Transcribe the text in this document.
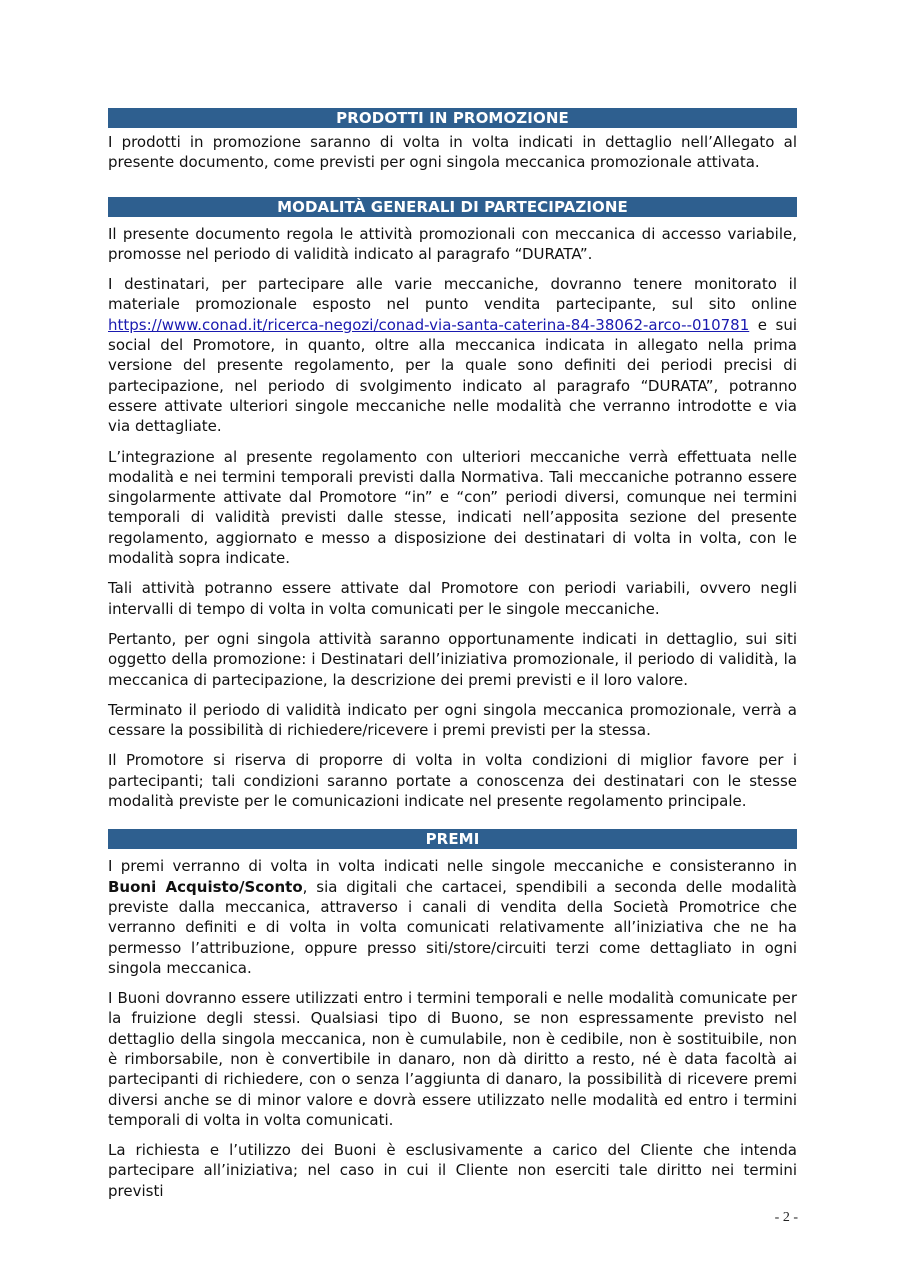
PRODOTTI IN PROMOZIONE

I prodotti in promozione saranno di volta in volta indicati in dettaglio nell’Allegato al presente documento, come previsti per ogni singola meccanica promozionale attivata.

MODALITÀ GENERALI DI PARTECIPAZIONE

Il presente documento regola le attività promozionali con meccanica di accesso variabile, promosse nel periodo di validità indicato al paragrafo “DURATA”.

I destinatari, per partecipare alle varie meccaniche, dovranno tenere monitorato il materiale promozionale esposto nel punto vendita partecipante, sul sito online https://www.conad.it/ricerca-negozi/conad-via-santa-caterina-84-38062-arco--010781 e sui social del Promotore, in quanto, oltre alla meccanica indicata in allegato nella prima versione del presente regolamento, per la quale sono definiti dei periodi precisi di partecipazione, nel periodo di svolgimento indicato al paragrafo “DURATA”, potranno essere attivate ulteriori singole meccaniche nelle modalità che verranno introdotte e via via dettagliate.

L’integrazione al presente regolamento con ulteriori meccaniche verrà effettuata nelle modalità e nei termini temporali previsti dalla Normativa. Tali meccaniche potranno essere singolarmente attivate dal Promotore “in” e “con” periodi diversi, comunque nei termini temporali di validità previsti dalle stesse, indicati nell’apposita sezione del presente regolamento, aggiornato e messo a disposizione dei destinatari di volta in volta, con le modalità sopra indicate.

Tali attività potranno essere attivate dal Promotore con periodi variabili, ovvero negli intervalli di tempo di volta in volta comunicati per le singole meccaniche.

Pertanto, per ogni singola attività saranno opportunamente indicati in dettaglio, sui siti oggetto della promozione: i Destinatari dell’iniziativa promozionale, il periodo di validità, la meccanica di partecipazione, la descrizione dei premi previsti e il loro valore.

Terminato il periodo di validità indicato per ogni singola meccanica promozionale, verrà a cessare la possibilità di richiedere/ricevere i premi previsti per la stessa.

Il Promotore si riserva di proporre di volta in volta condizioni di miglior favore per i partecipanti; tali condizioni saranno portate a conoscenza dei destinatari con le stesse modalità previste per le comunicazioni indicate nel presente regolamento principale.

PREMI

I premi verranno di volta in volta indicati nelle singole meccaniche e consisteranno in Buoni Acquisto/Sconto, sia digitali che cartacei, spendibili a seconda delle modalità previste dalla meccanica, attraverso i canali di vendita della Società Promotrice che verranno definiti e di volta in volta comunicati relativamente all’iniziativa che ne ha permesso l’attribuzione, oppure presso siti/store/circuiti terzi come dettagliato in ogni singola meccanica.

I Buoni dovranno essere utilizzati entro i termini temporali e nelle modalità comunicate per la fruizione degli stessi. Qualsiasi tipo di Buono, se non espressamente previsto nel dettaglio della singola meccanica, non è cumulabile, non è cedibile, non è sostituibile, non è rimborsabile, non è convertibile in danaro, non dà diritto a resto, né è data facoltà ai partecipanti di richiedere, con o senza l’aggiunta di danaro, la possibilità di ricevere premi diversi anche se di minor valore e dovrà essere utilizzato nelle modalità ed entro i termini temporali di volta in volta comunicati.

La richiesta e l’utilizzo dei Buoni è esclusivamente a carico del Cliente che intenda partecipare all’iniziativa; nel caso in cui il Cliente non eserciti tale diritto nei termini previsti

- 2 -
